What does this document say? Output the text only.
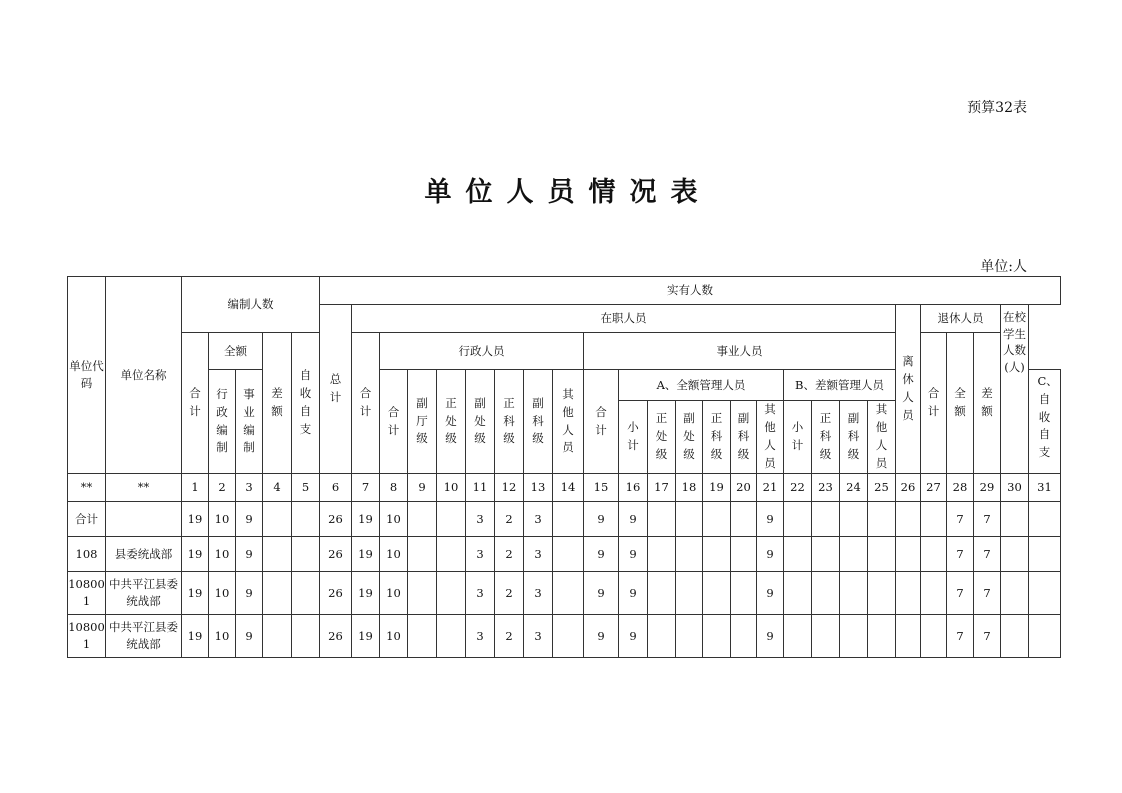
预算32表
单位人员情况表
单位:人
单位代码	单位名称	编制人数					实有人数																									
							总计	在职人员																			离休人员	退休人员			在校学生人数(人)	
		合计	全额		差额	自收自支		合计	行政人员							事业人员												合计	全额	差额		
			行政编制	事业编制					合计	副厅级	正处级	副处级	正科级	副科级	其他人员	合计	A、全额管理人员						B、差额管理人员									C、自收自支
																	小计	正处级	副处级	正科级	副科级	其他人员	小计	正科级	副科级	其他人员						
**	**	1	2	3	4	5	6	7	8	9	10	11	12	13	14	15	16	17	18	19	20	21	22	23	24	25	26	27	28	29	30	31
合计		19	10	9			26	19	10			3	2	3		9	9					9							7	7		
108	县委统战部	19	10	9			26	19	10			3	2	3		9	9					9							7	7		
108001	中共平江县委统战部	19	10	9			26	19	10			3	2	3		9	9					9							7	7		
108001	中共平江县委统战部	19	10	9			26	19	10			3	2	3		9	9					9							7	7		
